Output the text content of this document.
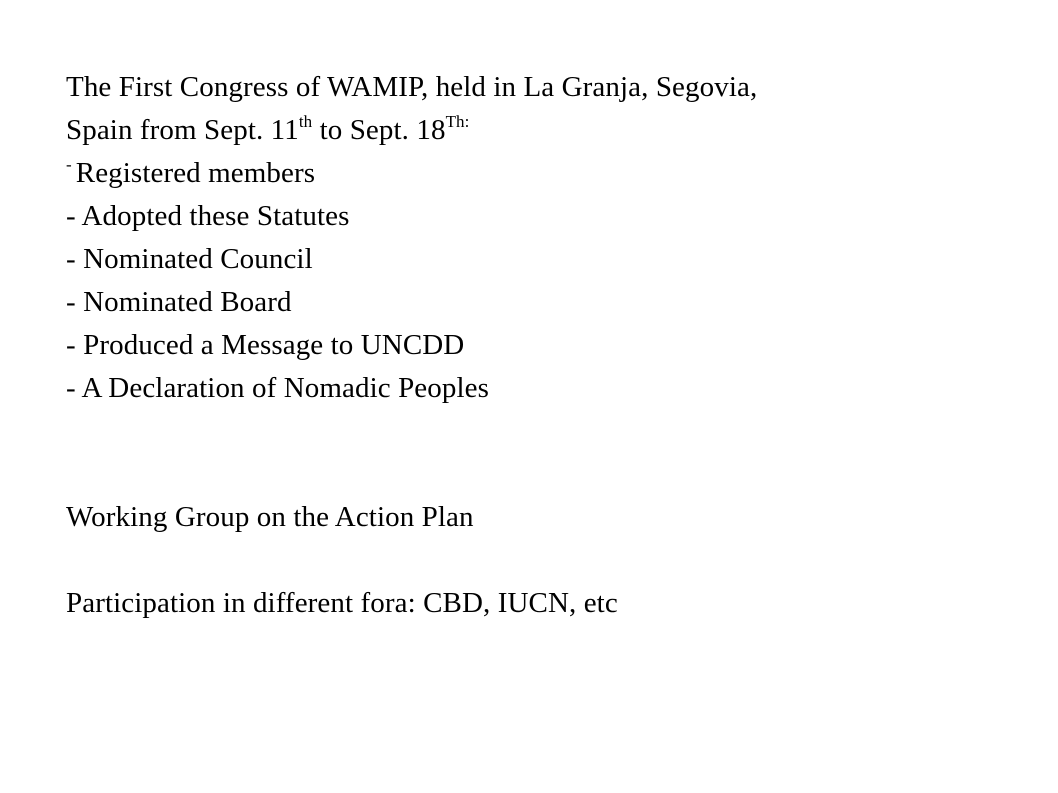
The First Congress of WAMIP, held in La Granja, Segovia,
Spain from Sept. 11th to Sept. $18^{Th:}$
- Registered members
- Adopted these Statutes
- Nominated Council
- Nominated Board
- Produced a Message to UNCDD
- A Declaration of Nomadic Peoples
Working Group on the Action Plan
Participation in different fora: CBD, IUCN, etc
